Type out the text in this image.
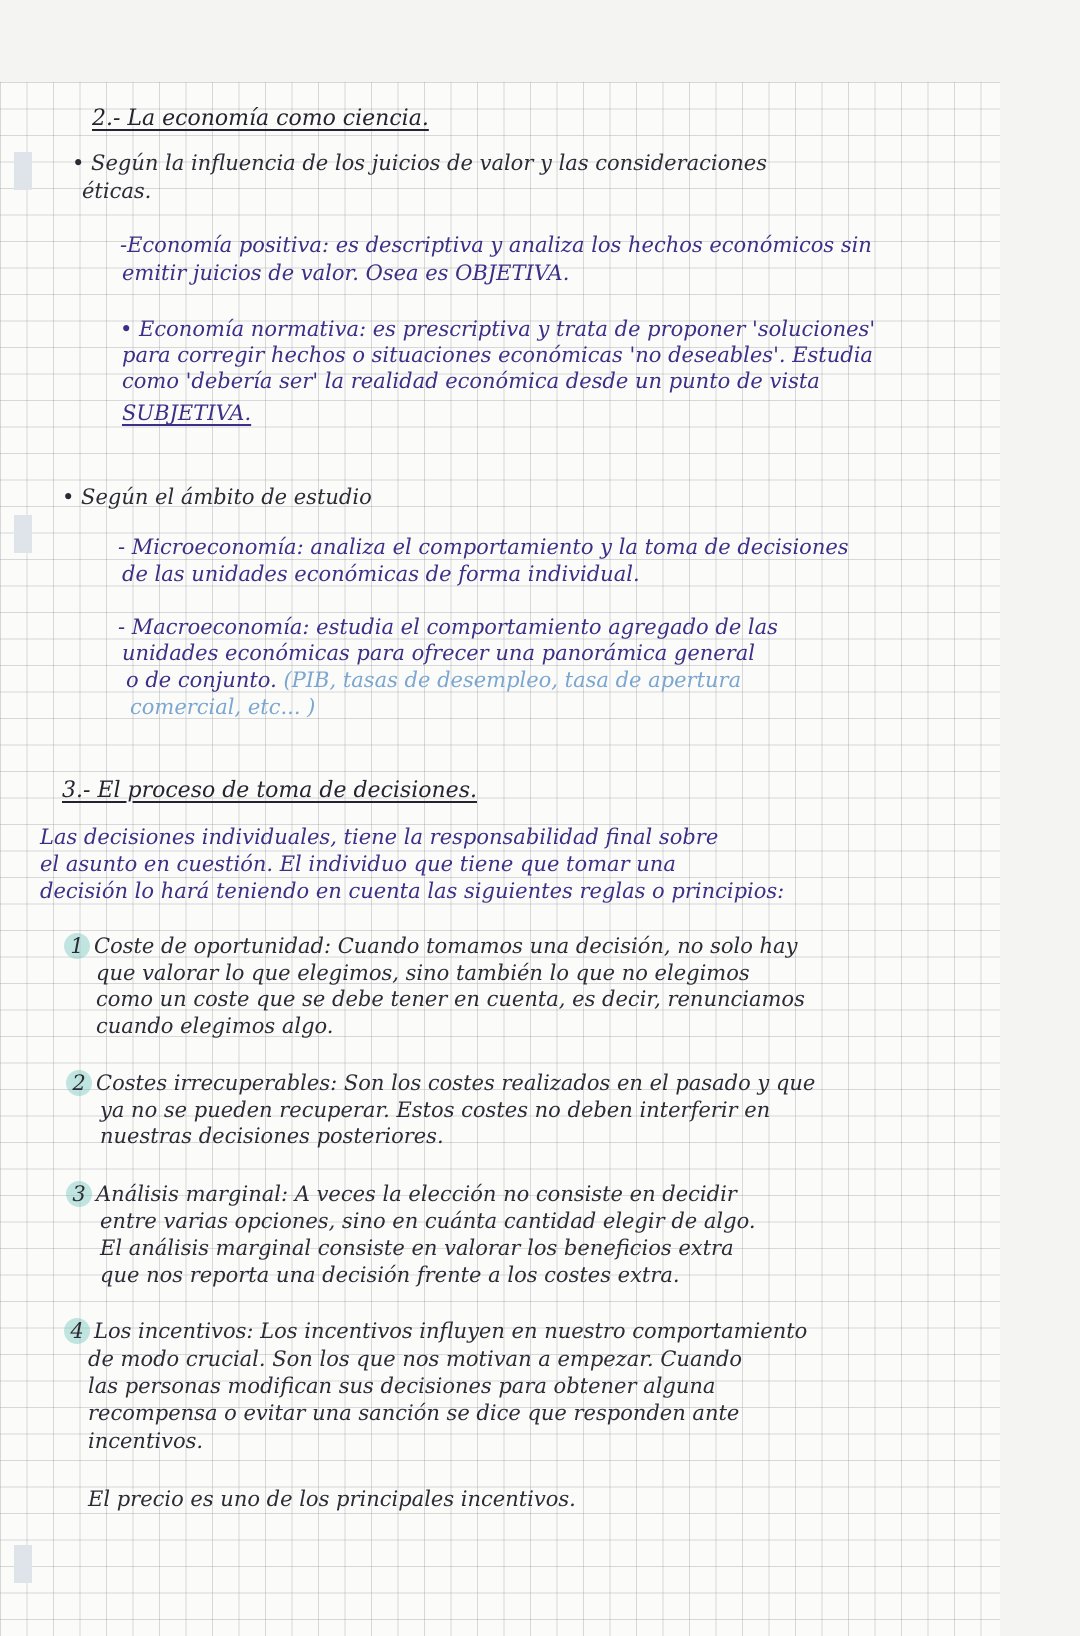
2.- La economía como ciencia.
• Según la influencia de los juicios de valor y las consideraciones
éticas.
-Economía positiva: es descriptiva y analiza los hechos económicos sin
emitir juicios de valor. Osea es OBJETIVA.
• Economía normativa: es prescriptiva y trata de proponer 'soluciones'
para corregir hechos o situaciones económicas 'no deseables'. Estudia
como 'debería ser' la realidad económica desde un punto de vista
SUBJETIVA.
• Según el ámbito de estudio
- Microeconomía: analiza el comportamiento y la toma de decisiones
de las unidades económicas de forma individual.
- Macroeconomía: estudia el comportamiento agregado de las
unidades económicas para ofrecer una panorámica general
o de conjunto. (PIB, tasas de desempleo, tasa de apertura
comercial, etc... )
3.- El proceso de toma de decisiones.
Las decisiones individuales, tiene la responsabilidad final sobre
el asunto en cuestión. El individuo que tiene que tomar una
decisión lo hará teniendo en cuenta las siguientes reglas o principios:
1 Coste de oportunidad: Cuando tomamos una decisión, no solo hay
que valorar lo que elegimos, sino también lo que no elegimos
como un coste que se debe tener en cuenta, es decir, renunciamos
cuando elegimos algo.
2 Costes irrecuperables: Son los costes realizados en el pasado y que
ya no se pueden recuperar. Estos costes no deben interferir en
nuestras decisiones posteriores.
3 Análisis marginal: A veces la elección no consiste en decidir
entre varias opciones, sino en cuánta cantidad elegir de algo.
El análisis marginal consiste en valorar los beneficios extra
que nos reporta una decisión frente a los costes extra.
4 Los incentivos: Los incentivos influyen en nuestro comportamiento
de modo crucial. Son los que nos motivan a empezar. Cuando
las personas modifican sus decisiones para obtener alguna
recompensa o evitar una sanción se dice que responden ante
incentivos.
El precio es uno de los principales incentivos.
